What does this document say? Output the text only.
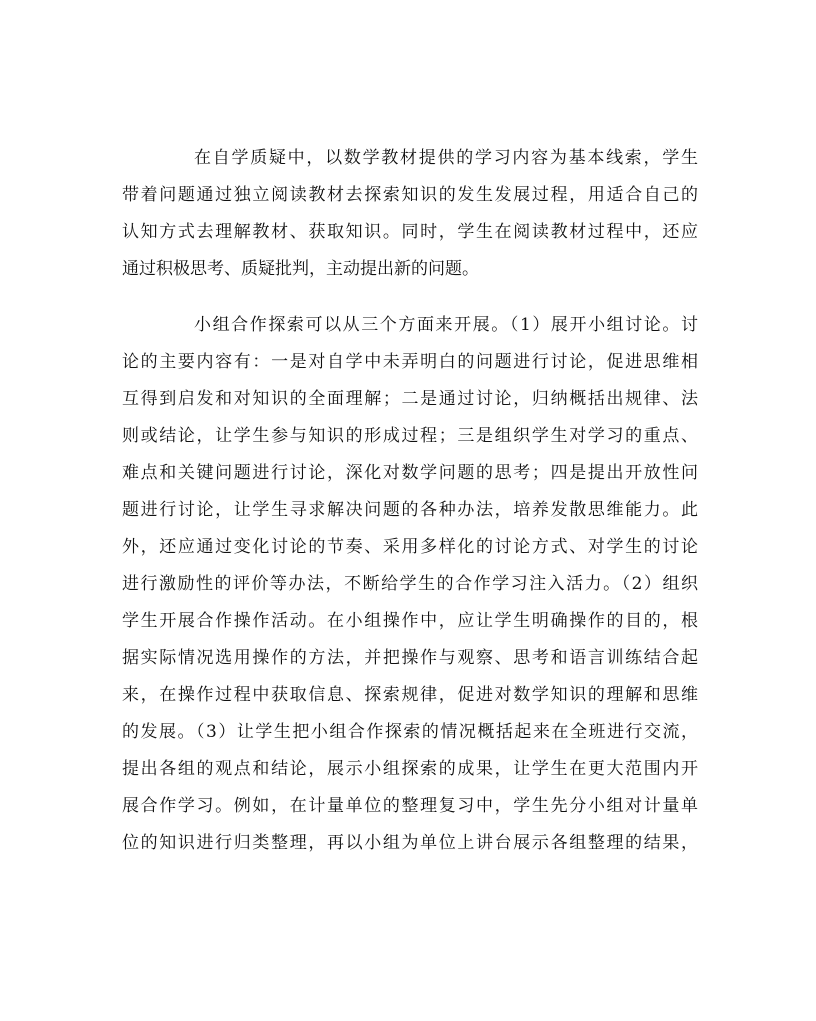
在自学质疑中，以数学教材提供的学习内容为基本线索，学生
带着问题通过独立阅读教材去探索知识的发生发展过程，用适合自己的
认知方式去理解教材、获取知识。同时，学生在阅读教材过程中，还应
通过积极思考、质疑批判，主动提出新的问题。
小组合作探索可以从三个方面来开展。（1）展开小组讨论。讨
论的主要内容有：一是对自学中未弄明白的问题进行讨论，促进思维相
互得到启发和对知识的全面理解；二是通过讨论，归纳概括出规律、法
则或结论，让学生参与知识的形成过程；三是组织学生对学习的重点、
难点和关键问题进行讨论，深化对数学问题的思考；四是提出开放性问
题进行讨论，让学生寻求解决问题的各种办法，培养发散思维能力。此
外，还应通过变化讨论的节奏、采用多样化的讨论方式、对学生的讨论
进行激励性的评价等办法，不断给学生的合作学习注入活力。（2）组织
学生开展合作操作活动。在小组操作中，应让学生明确操作的目的，根
据实际情况选用操作的方法，并把操作与观察、思考和语言训练结合起
来，在操作过程中获取信息、探索规律，促进对数学知识的理解和思维
的发展。（3）让学生把小组合作探索的情况概括起来在全班进行交流，
提出各组的观点和结论，展示小组探索的成果，让学生在更大范围内开
展合作学习。例如，在计量单位的整理复习中，学生先分小组对计量单
位的知识进行归类整理，再以小组为单位上讲台展示各组整理的结果，
